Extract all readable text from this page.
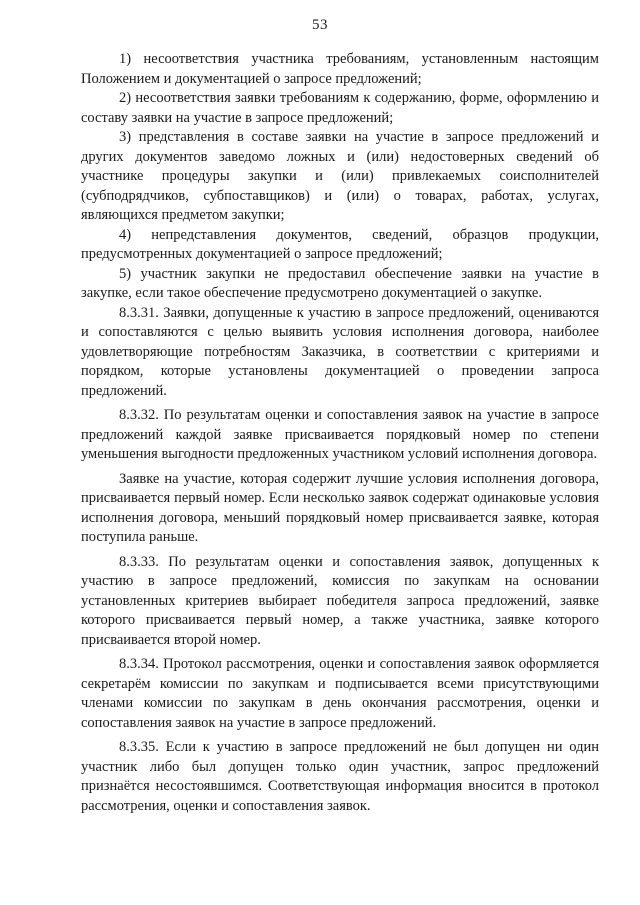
53

1) несоответствия участника требованиям, установленным настоящим Положением и документацией о запросе предложений;

2) несоответствия заявки требованиям к содержанию, форме, оформлению и составу заявки на участие в запросе предложений;

3) представления в составе заявки на участие в запросе предложений и других документов заведомо ложных и (или) недостоверных сведений об участнике процедуры закупки и (или) привлекаемых соисполнителей (субподрядчиков, субпоставщиков) и (или) о товарах, работах, услугах, являющихся предметом закупки;

4) непредставления документов, сведений, образцов продукции, предусмотренных документацией о запросе предложений;

5) участник закупки не предоставил обеспечение заявки на участие в закупке, если такое обеспечение предусмотрено документацией о закупке.

8.3.31. Заявки, допущенные к участию в запросе предложений, оцениваются и сопоставляются с целью выявить условия исполнения договора, наиболее удовлетворяющие потребностям Заказчика, в соответствии с критериями и порядком, которые установлены документацией о проведении запроса предложений.

8.3.32. По результатам оценки и сопоставления заявок на участие в запросе предложений каждой заявке присваивается порядковый номер по степени уменьшения выгодности предложенных участником условий исполнения договора.

Заявке на участие, которая содержит лучшие условия исполнения договора, присваивается первый номер. Если несколько заявок содержат одинаковые условия исполнения договора, меньший порядковый номер присваивается заявке, которая поступила раньше.

8.3.33. По результатам оценки и сопоставления заявок, допущенных к участию в запросе предложений, комиссия по закупкам на основании установленных критериев выбирает победителя запроса предложений, заявке которого присваивается первый номер, а также участника, заявке которого присваивается второй номер.

8.3.34. Протокол рассмотрения, оценки и сопоставления заявок оформляется секретарём комиссии по закупкам и подписывается всеми присутствующими членами комиссии по закупкам в день окончания рассмотрения, оценки и сопоставления заявок на участие в запросе предложений.

8.3.35. Если к участию в запросе предложений не был допущен ни один участник либо был допущен только один участник, запрос предложений признаётся несостоявшимся. Соответствующая информация вносится в протокол рассмотрения, оценки и сопоставления заявок.
